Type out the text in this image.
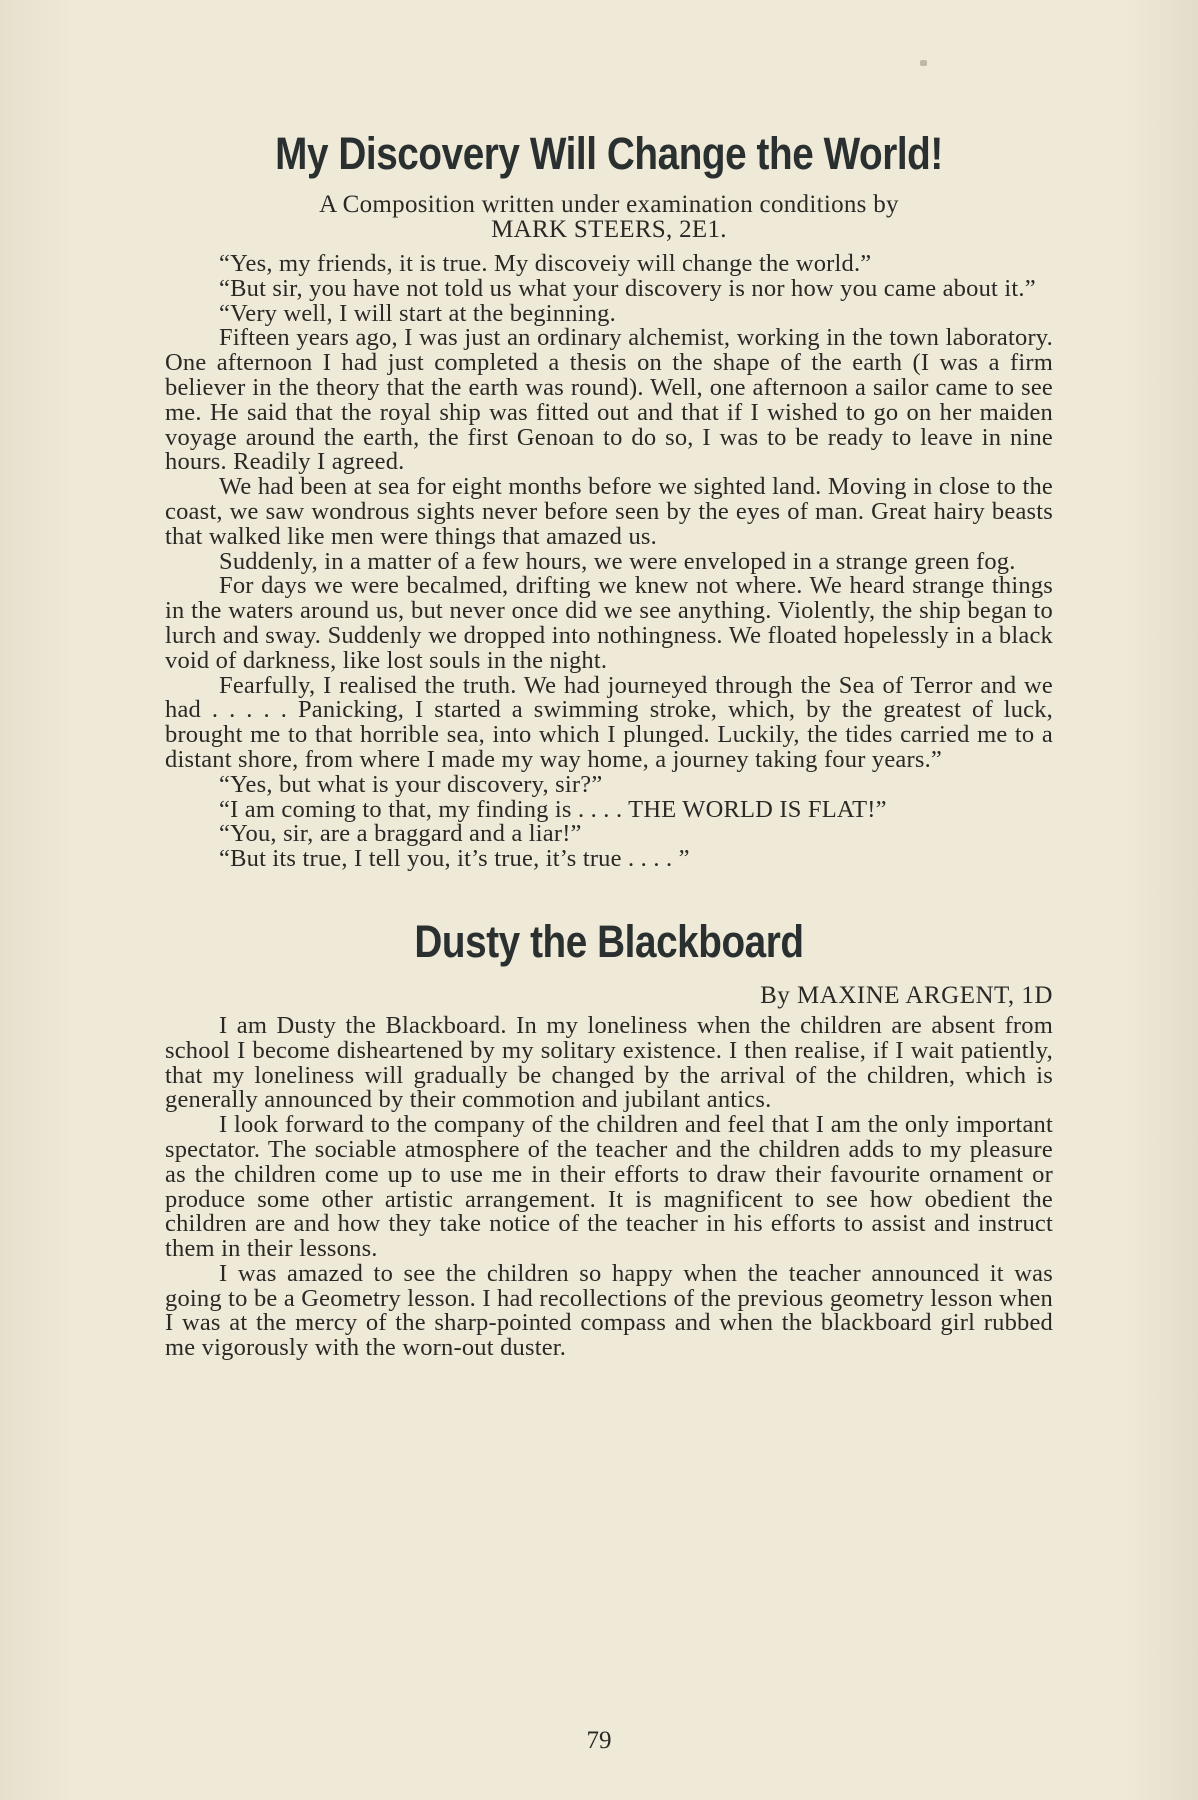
My Discovery Will Change the World!
A Composition written under examination conditions by
MARK STEERS, 2E1.

“Yes, my friends, it is true. My discoveiy will change the world.”

“But sir, you have not told us what your discovery is nor how you came about it.”

“Very well, I will start at the beginning.

Fifteen years ago, I was just an ordinary alchemist, working in the town laboratory. One afternoon I had just completed a thesis on the shape of the earth (I was a firm believer in the theory that the earth was round). Well, one afternoon a sailor came to see me. He said that the royal ship was fitted out and that if I wished to go on her maiden voyage around the earth, the first Genoan to do so, I was to be ready to leave in nine hours. Readily I agreed.

We had been at sea for eight months before we sighted land. Moving in close to the coast, we saw wondrous sights never before seen by the eyes of man. Great hairy beasts that walked like men were things that amazed us.

Suddenly, in a matter of a few hours, we were enveloped in a strange green fog.

For days we were becalmed, drifting we knew not where. We heard strange things in the waters around us, but never once did we see anything. Violently, the ship began to lurch and sway. Suddenly we dropped into nothingness. We floated hopelessly in a black void of darkness, like lost souls in the night.

Fearfully, I realised the truth. We had journeyed through the Sea of Terror and we had . . . . . Panicking, I started a swimming stroke, which, by the greatest of luck, brought me to that horrible sea, into which I plunged. Luckily, the tides carried me to a distant shore, from where I made my way home, a journey taking four years.”

“Yes, but what is your discovery, sir?”

“I am coming to that, my finding is . . . . THE WORLD IS FLAT!”

“You, sir, are a braggard and a liar!”

“But its true, I tell you, it’s true, it’s true . . . . ”

Dusty the Blackboard
By MAXINE ARGENT, 1D

I am Dusty the Blackboard. In my loneliness when the children are absent from school I become disheartened by my solitary existence. I then realise, if I wait patiently, that my loneliness will gradually be changed by the arrival of the children, which is generally announced by their commotion and jubilant antics.

I look forward to the company of the children and feel that I am the only important spectator. The sociable atmosphere of the teacher and the children adds to my pleasure as the children come up to use me in their efforts to draw their favourite ornament or produce some other artistic arrangement. It is magnificent to see how obedient the children are and how they take notice of the teacher in his efforts to assist and instruct them in their lessons.

I was amazed to see the children so happy when the teacher announced it was going to be a Geometry lesson. I had recollections of the previous geometry lesson when I was at the mercy of the sharp-pointed compass and when the blackboard girl rubbed me vigorously with the worn-out duster.

79
